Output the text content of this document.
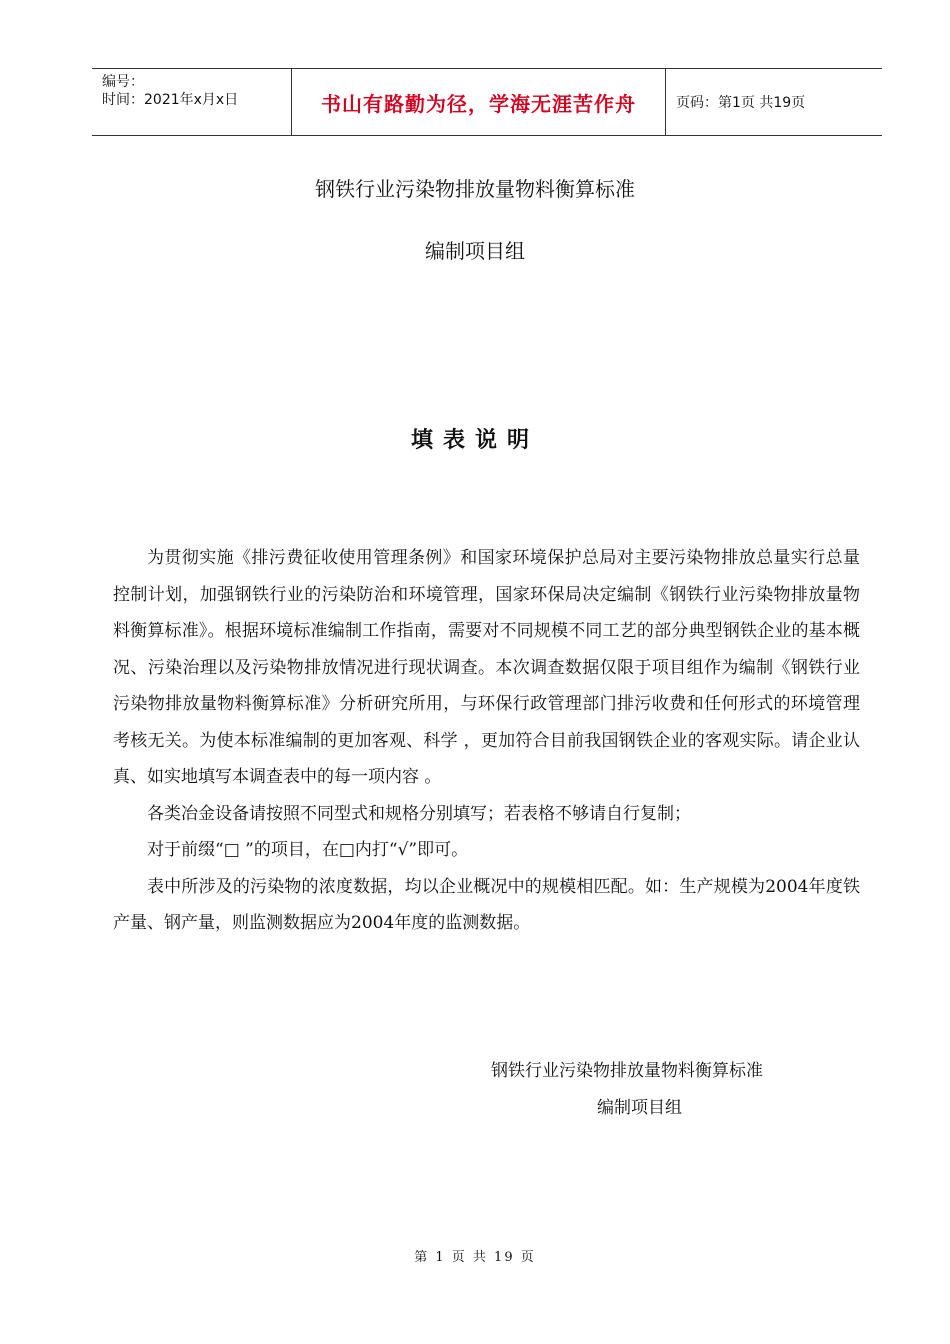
编号：
时间：2021年x月x日	书山有路勤为径，学海无涯苦作舟	页码：第1页 共19页
钢铁行业污染物排放量物料衡算标准
编制项目组
填表说明

为贯彻实施《排污费征收使用管理条例》和国家环境保护总局对主要污染物排放总量实行总量控制计划，加强钢铁行业的污染防治和环境管理，国家环保局决定编制《钢铁行业污染物排放量物料衡算标准》。根据环境标准编制工作指南，需要对不同规模不同工艺的部分典型钢铁企业的基本概况、污染治理以及污染物排放情况进行现状调查。本次调查数据仅限于项目组作为编制《钢铁行业污染物排放量物料衡算标准》分析研究所用，与环保行政管理部门排污收费和任何形式的环境管理考核无关。为使本标准编制的更加客观、科学 ，更加符合目前我国钢铁企业的客观实际。请企业认真、如实地填写本调查表中的每一项内容 。

各类冶金设备请按照不同型式和规格分别填写；若表格不够请自行复制；

对于前缀“□ ”的项目，在□内打“√”即可。

表中所涉及的污染物的浓度数据，均以企业概况中的规模相匹配。如：生产规模为2004年度铁产量、钢产量，则监测数据应为2004年度的监测数据。

钢铁行业污染物排放量物料衡算标准
编制项目组
第 1 页 共 19 页
